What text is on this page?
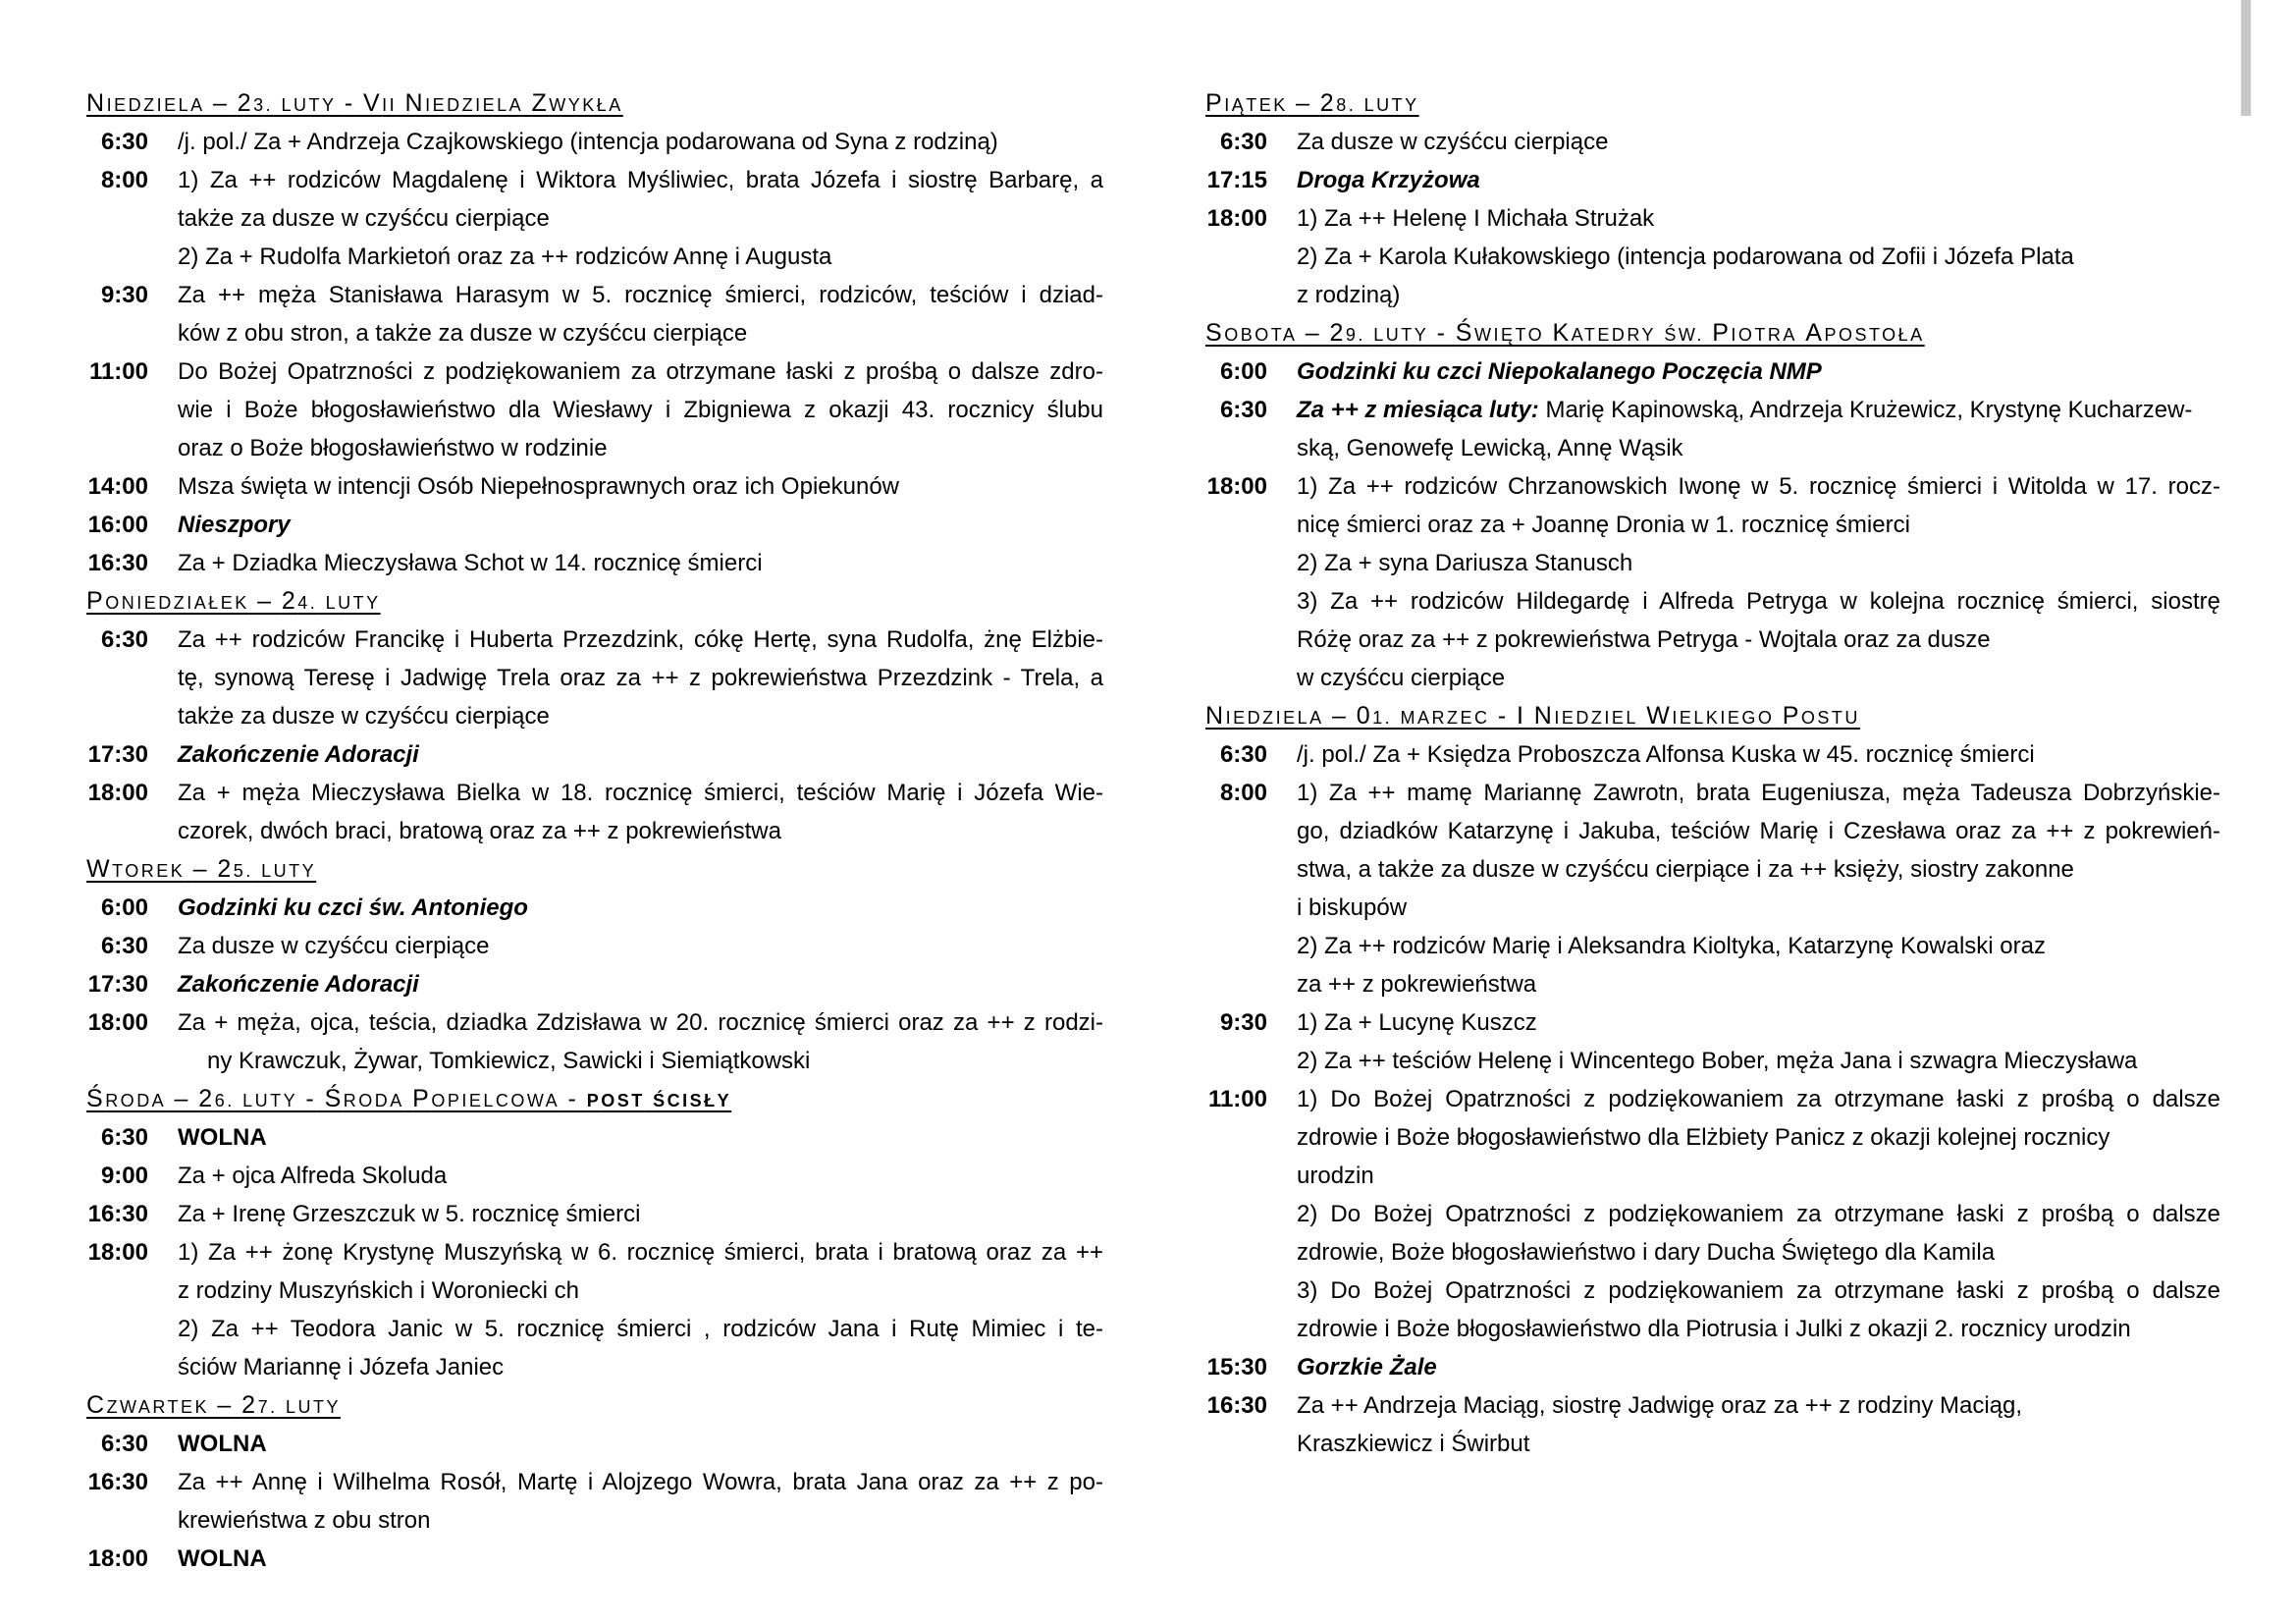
NIEDZIELA – 23. LUTY - VII NIEDZIELA ZWYKŁA
6:30	/j. pol./ Za + Andrzeja Czajkowskiego (intencja podarowana od Syna z rodziną)
8:00	1) Za ++ rodziców Magdalenę i Wiktora Myśliwiec, brata Józefa i siostrę Barbarę, a
także za dusze w czyśćcu cierpiące
2) Za + Rudolfa Markietoń oraz za ++ rodziców Annę i Augusta
9:30	Za ++ męża Stanisława Harasym w 5. rocznicę śmierci, rodziców, teściów i dziad-
ków z obu stron, a także za dusze w czyśćcu cierpiące
11:00	Do Bożej Opatrzności z podziękowaniem za otrzymane łaski z prośbą o dalsze zdro-
wie i Boże błogosławieństwo dla Wiesławy i Zbigniewa z okazji 43. rocznicy ślubu
oraz o Boże błogosławieństwo w rodzinie
14:00	Msza święta w intencji Osób Niepełnosprawnych oraz ich Opiekunów
16:00	Nieszpory
16:30	Za + Dziadka Mieczysława Schot w 14. rocznicę śmierci
PONIEDZIAŁEK – 24. LUTY
6:30	Za ++ rodziców Francikę i Huberta Przezdzink, cókę Hertę, syna Rudolfa, żnę Elżbie-
tę, synową Teresę i Jadwigę Trela oraz za ++ z pokrewieństwa Przezdzink - Trela, a
także za dusze w czyśćcu cierpiące
17:30	Zakończenie Adoracji
18:00	Za + męża Mieczysława Bielka w 18. rocznicę śmierci, teściów Marię i Józefa Wie-
czorek, dwóch braci, bratową oraz za ++ z pokrewieństwa
WTOREK – 25. LUTY
6:00	Godzinki ku czci św. Antoniego
6:30	Za dusze w czyśćcu cierpiące
17:30	Zakończenie Adoracji
18:00	Za + męża, ojca, teścia, dziadka Zdzisława w 20. rocznicę śmierci oraz za ++ z rodzi-
ny Krawczuk, Żywar, Tomkiewicz, Sawicki i Siemiątkowski
ŚRODA – 26. LUTY - ŚRODA POPIELCOWA - POST ŚCISŁY
6:30	WOLNA
9:00	Za + ojca Alfreda Skoluda
16:30	Za + Irenę Grzeszczuk w 5. rocznicę śmierci
18:00	1) Za ++ żonę Krystynę Muszyńską w 6. rocznicę śmierci, brata i bratową oraz za ++
z rodziny Muszyńskich i Woroniecki ch
2) Za ++ Teodora Janic w 5. rocznicę śmierci , rodziców Jana i Rutę Mimiec i te-
ściów Mariannę i Józefa Janiec
CZWARTEK – 27. LUTY
6:30	WOLNA
16:30	Za ++ Annę i Wilhelma Rosół, Martę i Alojzego Wowra, brata Jana oraz za ++ z po-
krewieństwa z obu stron
18:00	WOLNA
PIĄTEK – 28. LUTY
6:30	Za dusze w czyśćcu cierpiące
17:15	Droga Krzyżowa
18:00	1) Za ++ Helenę I Michała Strużak
2) Za + Karola Kułakowskiego (intencja podarowana od Zofii i Józefa Plata
z rodziną)
SOBOTA – 29. LUTY - ŚWIĘTO KATEDRY ŚW. PIOTRA APOSTOŁA
6:00	Godzinki ku czci Niepokalanego Poczęcia NMP
6:30	Za ++ z miesiąca luty: Marię Kapinowską, Andrzeja Krużewicz, Krystynę Kucharzew-
ską, Genowefę Lewicką, Annę Wąsik
18:00	1) Za ++ rodziców Chrzanowskich Iwonę w 5. rocznicę śmierci i Witolda w 17. rocz-
nicę śmierci oraz za + Joannę Dronia w 1. rocznicę śmierci
2) Za + syna Dariusza Stanusch
3) Za ++ rodziców Hildegardę i Alfreda Petryga w kolejna rocznicę śmierci, siostrę
Różę oraz za ++ z pokrewieństwa Petryga - Wojtala oraz za dusze
w czyśćcu cierpiące
NIEDZIELA – 01. MARZEC - I NIEDZIEL WIELKIEGO POSTU
6:30	/j. pol./ Za + Księdza Proboszcza Alfonsa Kuska w 45. rocznicę śmierci
8:00	1) Za ++ mamę Mariannę Zawrotn, brata Eugeniusza, męża Tadeusza Dobrzyńskie-
go, dziadków Katarzynę i Jakuba, teściów Marię i Czesława oraz za ++ z pokrewień-
stwa, a także za dusze w czyśćcu cierpiące i za ++ księży, siostry zakonne
i biskupów
2) Za ++ rodziców Marię i Aleksandra Kioltyka, Katarzynę Kowalski oraz
za ++ z pokrewieństwa
9:30	1) Za + Lucynę Kuszcz
2) Za ++ teściów Helenę i Wincentego Bober, męża Jana i szwagra Mieczysława
11:00	1) Do Bożej Opatrzności z podziękowaniem za otrzymane łaski z prośbą o dalsze
zdrowie i Boże błogosławieństwo dla Elżbiety Panicz z okazji kolejnej rocznicy
urodzin
2) Do Bożej Opatrzności z podziękowaniem za otrzymane łaski z prośbą o dalsze
zdrowie, Boże błogosławieństwo i dary Ducha Świętego dla Kamila
3) Do Bożej Opatrzności z podziękowaniem za otrzymane łaski z prośbą o dalsze
zdrowie i Boże błogosławieństwo dla Piotrusia i Julki z okazji 2. rocznicy urodzin
15:30	Gorzkie Żale
16:30	Za ++ Andrzeja Maciąg, siostrę Jadwigę oraz za ++ z rodziny Maciąg,
Kraszkiewicz i Świrbut
